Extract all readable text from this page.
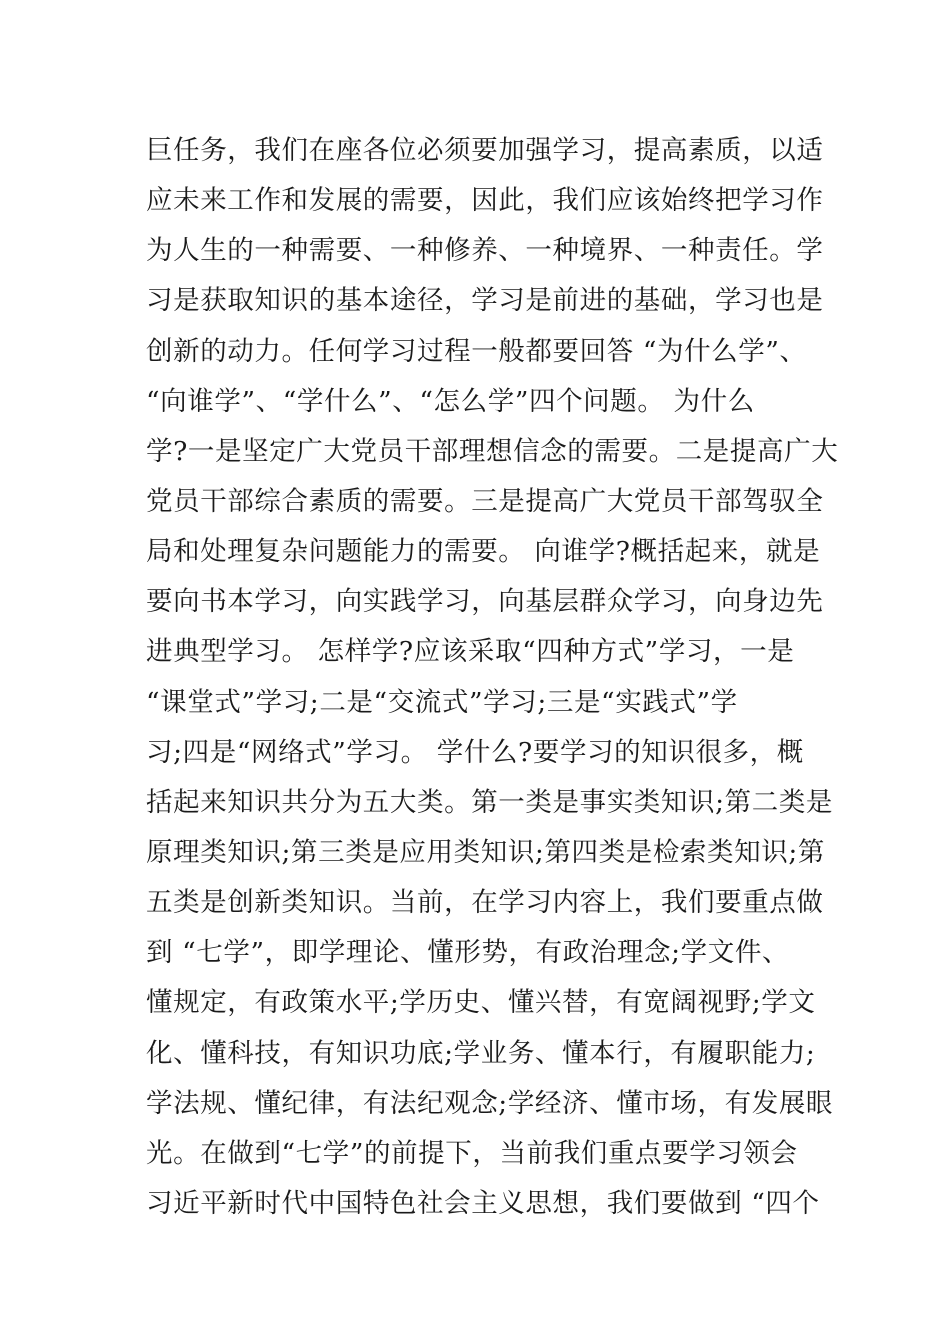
巨任务，我们在座各位必须要加强学习，提高素质，以适
应未来工作和发展的需要，因此，我们应该始终把学习作
为人生的一种需要、一种修养、一种境界、一种责任。学
习是获取知识的基本途径，学习是前进的基础，学习也是
创新的动力。任何学习过程一般都要回答 “为什么学”、
“向谁学”、“学什么”、“怎么学”四个问题。 为什么
学?一是坚定广大党员干部理想信念的需要。二是提高广大
党员干部综合素质的需要。三是提高广大党员干部驾驭全
局和处理复杂问题能力的需要。 向谁学?概括起来，就是
要向书本学习，向实践学习，向基层群众学习，向身边先
进典型学习。 怎样学?应该采取“四种方式”学习，一是
“课堂式”学习;二是“交流式”学习;三是“实践式”学
习;四是“网络式”学习。 学什么?要学习的知识很多，概
括起来知识共分为五大类。第一类是事实类知识;第二类是
原理类知识;第三类是应用类知识;第四类是检索类知识;第
五类是创新类知识。当前，在学习内容上，我们要重点做
到 “七学”，即学理论、懂形势，有政治理念;学文件、
懂规定，有政策水平;学历史、懂兴替，有宽阔视野;学文
化、懂科技，有知识功底;学业务、懂本行，有履职能力;
学法规、懂纪律，有法纪观念;学经济、懂市场，有发展眼
光。在做到“七学”的前提下，当前我们重点要学习领会
习近平新时代中国特色社会主义思想，我们要做到 “四个
